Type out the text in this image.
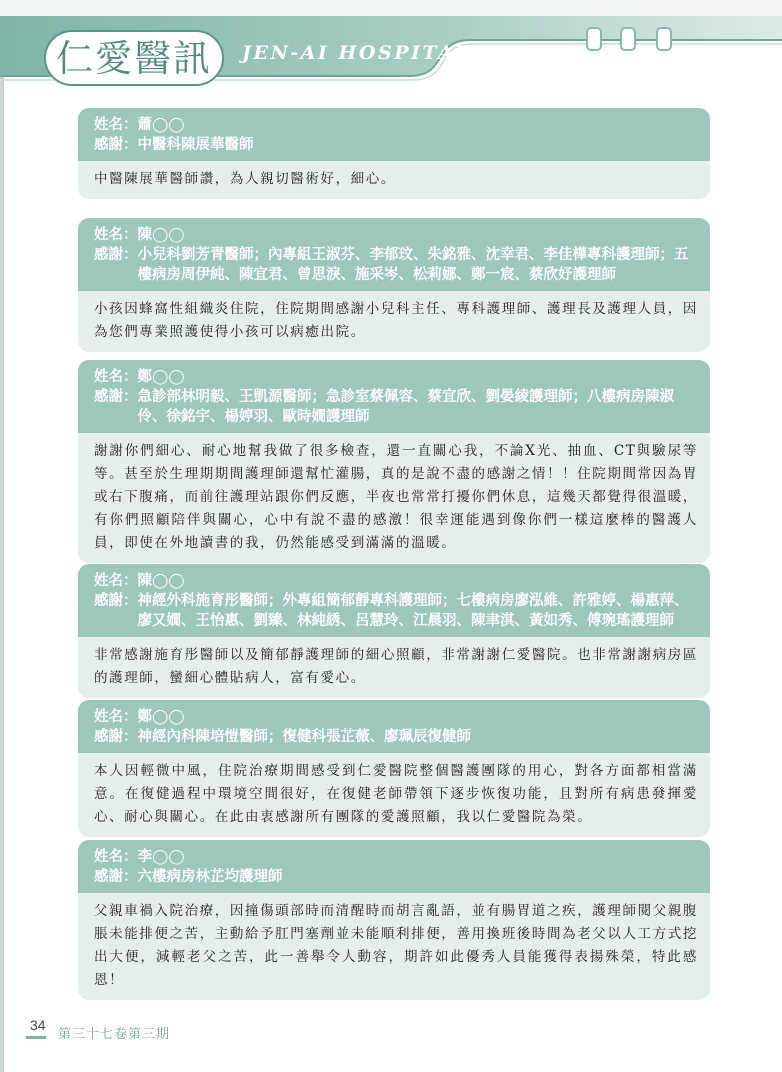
仁愛醫訊	JEN-AI HOSPITAL
姓名： 蕭◯◯
感謝： 中醫科陳展華醫師
中醫陳展華醫師讚，為人親切醫術好，細心。
姓名： 陳◯◯
感謝： 小兒科劉芳青醫師；內專組王淑芬、李郁玟、朱銘雅、沈幸君、李佳樺專科護理師；五樓病房周伊純、陳宜君、曾思淚、施采岑、松莉娜、鄭一宸、蔡欣妤護理師
小孩因蜂窩性組織炎住院，住院期間感謝小兒科主任、專科護理師、護理長及護理人員，因為您們專業照護使得小孩可以病癒出院。
姓名： 鄭◯◯
感謝： 急診部林明毅、王凱源醫師；急診室蔡佩容、蔡宜欣、劉晏綾護理師；八樓病房陳淑伶、徐銘宇、楊婷羽、歐時嫺護理師
謝謝你們細心、耐心地幫我做了很多檢查，還一直關心我，不論X光、抽血、CT與驗尿等等。甚至於生理期期間護理師還幫忙灌腸，真的是說不盡的感謝之情！！住院期間常因為胃或右下腹痛，而前往護理站跟你們反應，半夜也常常打擾你們休息，這幾天都覺得很溫暖，有你們照顧陪伴與關心，心中有說不盡的感激！很幸運能遇到像你們一樣這麼棒的醫護人員，即使在外地讀書的我，仍然能感受到滿滿的溫暖。
姓名： 陳◯◯
感謝： 神經外科施育彤醫師；外專組簡郁靜專科護理師；七樓病房廖泓維、許雅婷、楊惠萍、廖又嫺、王怡惠、劉臻、林純綉、呂慧玲、江晨羽、陳聿淇、黃如秀、傅琬瑤護理師
非常感謝施育彤醫師以及簡郁靜護理師的細心照顧，非常謝謝仁愛醫院。也非常謝謝病房區的護理師，蠻細心體貼病人，富有愛心。
姓名： 鄭◯◯
感謝： 神經內科陳培愷醫師；復健科張芷薇、廖珮辰復健師
本人因輕微中風，住院治療期間感受到仁愛醫院整個醫護團隊的用心，對各方面都相當滿意。在復健過程中環境空間很好，在復健老師帶領下逐步恢復功能，且對所有病患發揮愛心、耐心與關心。在此由衷感謝所有團隊的愛護照顧，我以仁愛醫院為榮。
姓名： 李◯◯
感謝： 六樓病房林芷均護理師
父親車禍入院治療，因撞傷頭部時而清醒時而胡言亂語，並有腸胃道之疾，護理師閱父親腹脹未能排便之苦，主動給予肛門塞劑並未能順利排便，善用換班後時間為老父以人工方式挖出大便，減輕老父之苦，此一善舉令人動容，期許如此優秀人員能獲得表揚殊榮，特此感恩！
34
第三十七卷第三期
